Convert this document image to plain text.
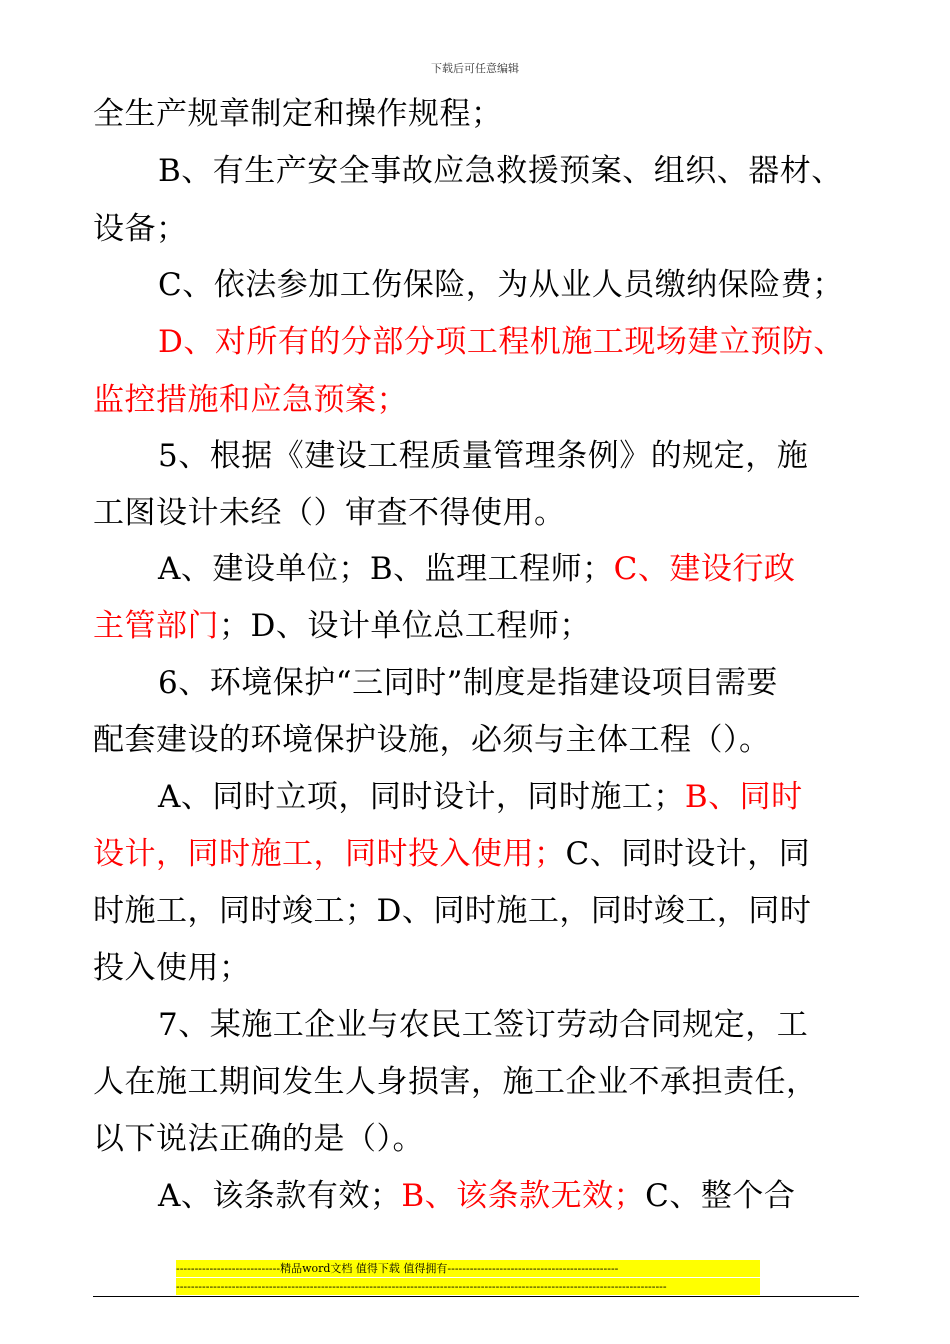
下载后可任意编辑
全生产规章制定和操作规程；
B、有生产安全事故应急救援预案、组织、器材、
设备；
C、依法参加工伤保险，为从业人员缴纳保险费；
D、对所有的分部分项工程机施工现场建立预防、
监控措施和应急预案；
5、根据《建设工程质量管理条例》的规定，施
工图设计未经（）审查不得使用。
A、建设单位；B、监理工程师；C、建设行政
主管部门；D、设计单位总工程师；
6、环境保护“三同时”制度是指建设项目需要
配套建设的环境保护设施，必须与主体工程（）。
A、同时立项，同时设计，同时施工；B、同时
设计，同时施工，同时投入使用；C、同时设计，同
时施工，同时竣工；D、同时施工，同时竣工，同时
投入使用；
7、某施工企业与农民工签订劳动合同规定，工
人在施工期间发生人身损害，施工企业不承担责任，
以下说法正确的是（）。
A、该条款有效；B、该条款无效；C、整个合
----------------------------精品word文档 值得下载 值得拥有----------------------------------------------
------------------------------------------------------------------------------------------------------------------------------------
